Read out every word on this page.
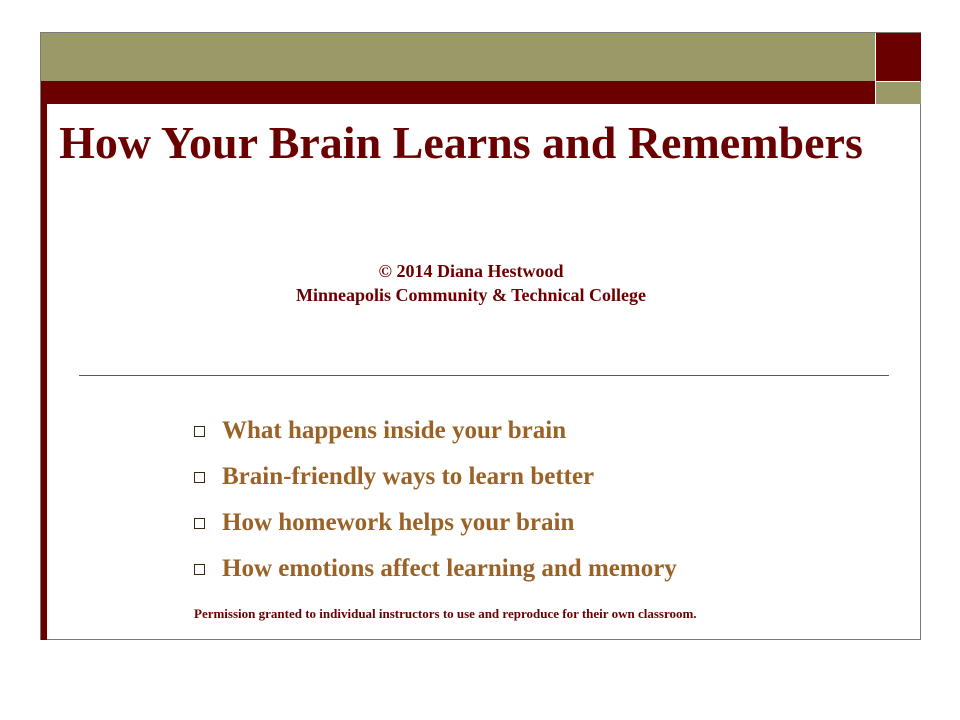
How Your Brain Learns and Remembers
© 2014 Diana Hestwood
Minneapolis Community & Technical College
What happens inside your brain
Brain-friendly ways to learn better
How homework helps your brain
How emotions affect learning and memory
Permission granted to individual instructors to use and reproduce for their own classroom.
